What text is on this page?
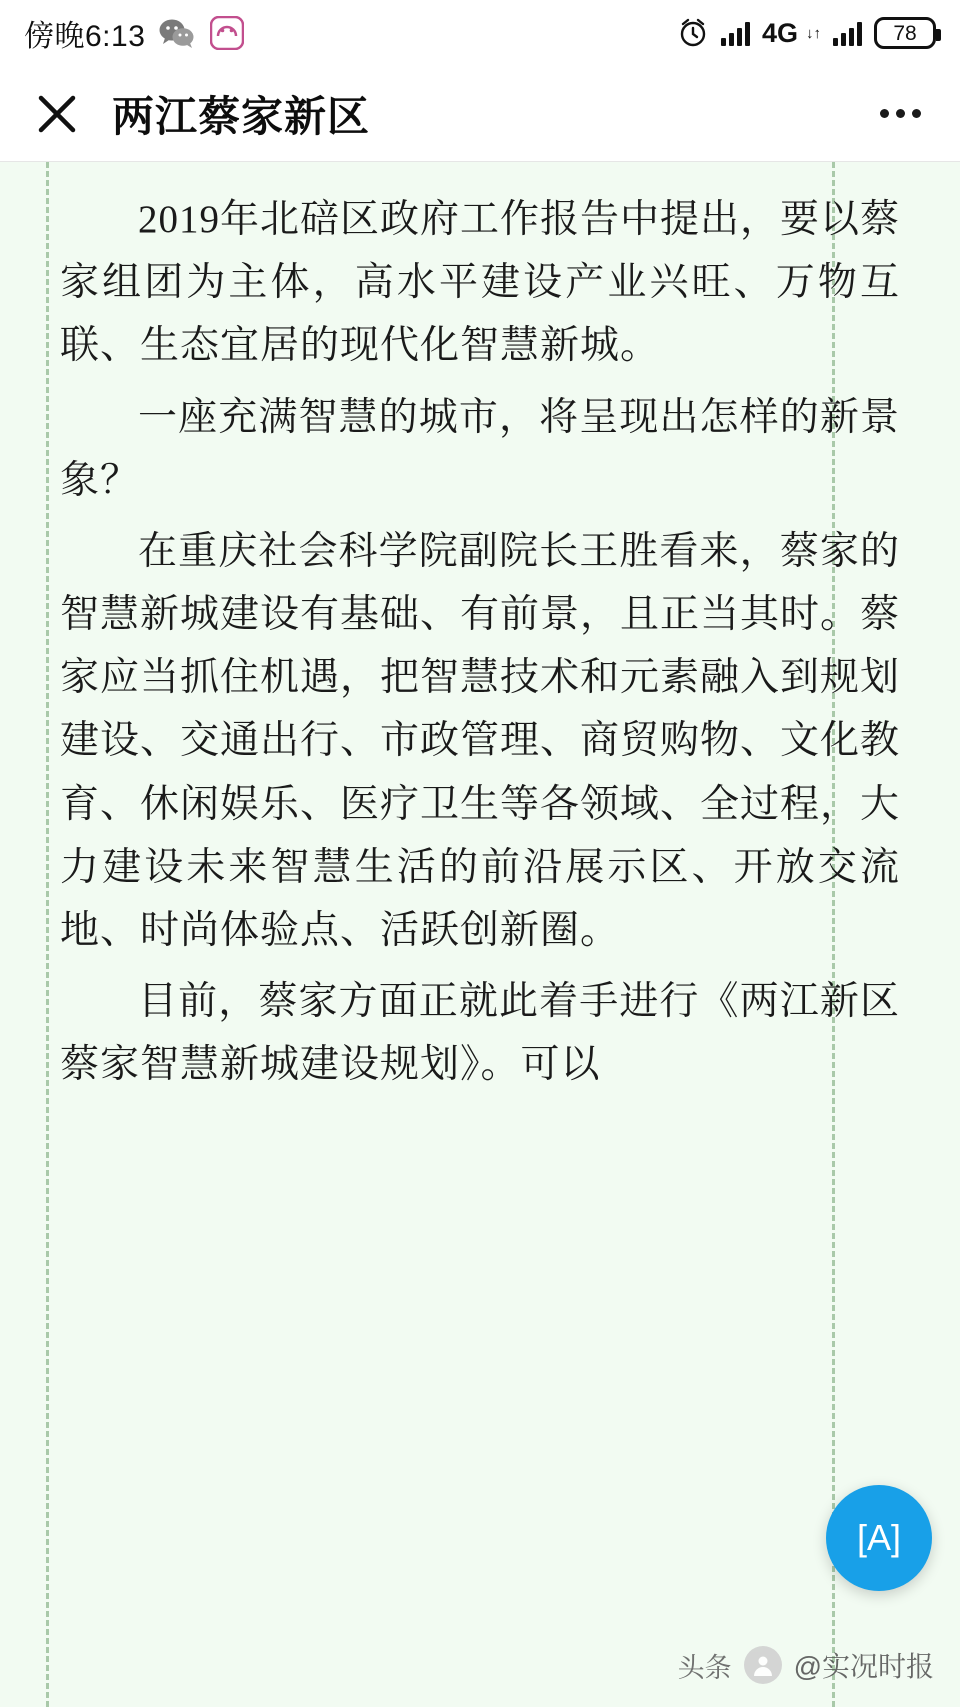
傍晚6:13	4G ↓↑	78
两江蔡家新区

2019年北碚区政府工作报告中提出，要以蔡家组团为主体，高水平建设产业兴旺、万物互联、生态宜居的现代化智慧新城。

一座充满智慧的城市，将呈现出怎样的新景象？

在重庆社会科学院副院长王胜看来，蔡家的智慧新城建设有基础、有前景，且正当其时。蔡家应当抓住机遇，把智慧技术和元素融入到规划建设、交通出行、市政管理、商贸购物、文化教育、休闲娱乐、医疗卫生等各领域、全过程，大力建设未来智慧生活的前沿展示区、开放交流地、时尚体验点、活跃创新圈。

目前，蔡家方面正就此着手进行《两江新区蔡家智慧新城建设规划》。可以

[A]
头条 @实况时报
